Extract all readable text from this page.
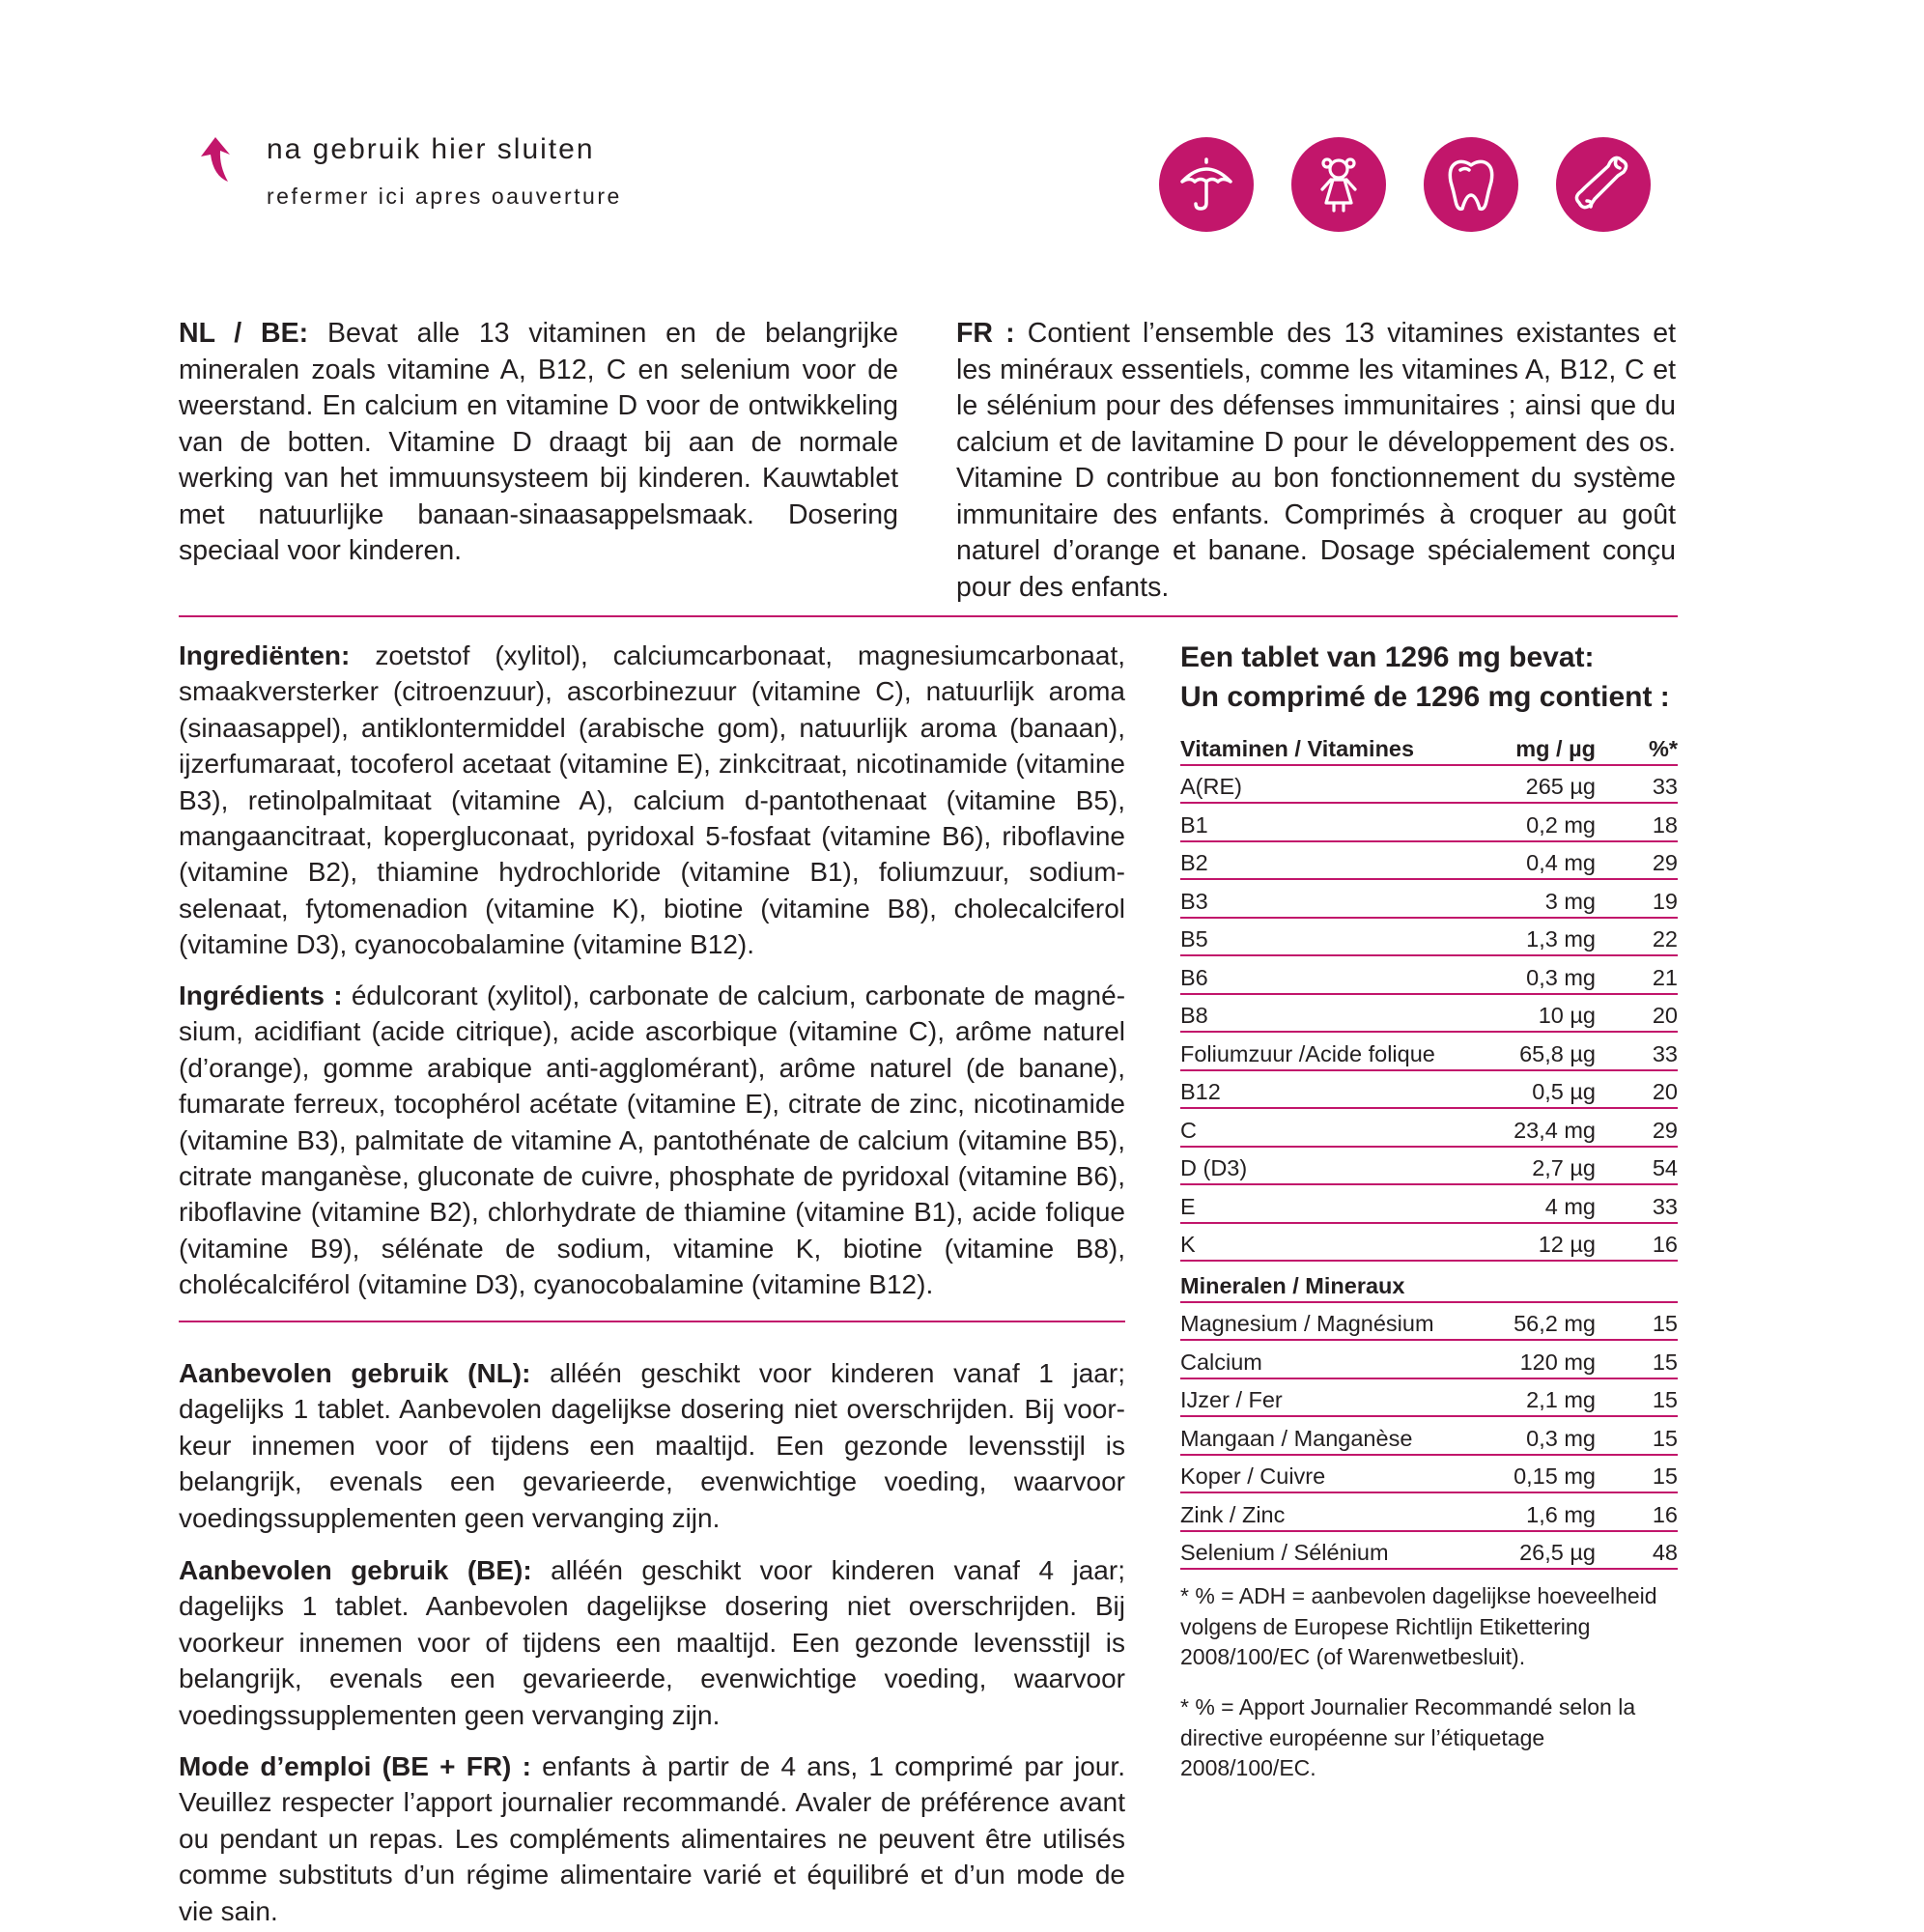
na gebruik hier sluiten
refermer ici apres oauverture
NL / BE: Bevat alle 13 vitaminen en de belangrijke mineralen zoals vitamine A, B12, C en selenium voor de weerstand. En calcium en vitamine D voor de ontwikkeling van de botten. Vitamine D draagt bij aan de normale werking van het immuunsysteem bij kinderen. Kauwtablet met natuurlijke banaan-sinaasappelsmaak. Dosering speciaal voor kinderen.
FR : Contient l’ensemble des 13 vitamines existantes et les minéraux essentiels, comme les vitamines A, B12, C et le sélénium pour des défenses immunitaires ; ainsi que du calcium et de lavitamine D pour le développement des os. Vitamine D contribue au bon fonctionnement du système immunitaire des enfants. Comprimés à croquer au goût naturel d’orange et banane. Dosage spécialement conçu pour des enfants.
Ingrediënten: zoetstof (xylitol), calciumcarbonaat, magnesiumcarbonaat, smaakversterker (citroenzuur), ascorbinezuur (vitamine C), natuurlijk aroma (sinaasappel), antiklontermiddel (arabische gom), natuurlijk aroma (banaan), ijzerfumaraat, tocoferol acetaat (vitamine E), zinkcitraat, nicotinamide (vitamine B3), retinolpalmitaat (vitamine A), calcium d-pantothenaat (vitamine B5), mangaancitraat, kopergluconaat, pyridoxal 5-fosfaat (vitamine B6), riboflavine (vitamine B2), thiamine hydrochloride (vitamine B1), foliumzuur, sodiumselenaat, fytomenadion (vitamine K), biotine (vitamine B8), cholecalciferol (vitamine D3), cyanocobalamine (vitamine B12).
Ingrédients : édulcorant (xylitol), carbonate de calcium, carbonate de magnésium, acidifiant (acide citrique), acide ascorbique (vitamine C), arôme naturel (d’orange), gomme arabique anti-agglomérant), arôme naturel (de banane), fumarate ferreux, tocophérol acétate (vitamine E), citrate de zinc, nicotinamide (vitamine B3), palmitate de vitamine A, pantothénate de calcium (vitamine B5), citrate manganèse, gluconate de cuivre, phosphate de pyridoxal (vitamine B6), riboflavine (vitamine B2), chlorhydrate de thiamine (vitamine B1), acide folique (vitamine B9), sélénate de sodium, vitamine K, biotine (vitamine B8), cholécalciférol (vitamine D3), cyanocobalamine (vitamine B12).
Aanbevolen gebruik (NL): alléén geschikt voor kinderen vanaf 1 jaar; dagelijks 1 tablet. Aanbevolen dagelijkse dosering niet overschrijden. Bij voorkeur innemen voor of tijdens een maaltijd. Een gezonde levensstijl is belangrijk, evenals een gevarieerde, evenwichtige voeding, waarvoor voedingssupplementen geen vervanging zijn.
Aanbevolen gebruik (BE): alléén geschikt voor kinderen vanaf 4 jaar; dagelijks 1 tablet. Aanbevolen dagelijkse dosering niet overschrijden. Bij voorkeur innemen voor of tijdens een maaltijd. Een gezonde levensstijl is belangrijk, evenals een gevarieerde, evenwichtige voeding, waarvoor voedingssupplementen geen vervanging zijn.
Mode d’emploi (BE + FR) : enfants à partir de 4 ans, 1 comprimé par jour. Veuillez respecter l’apport journalier recommandé. Avaler de préférence avant ou pendant un repas. Les compléments alimentaires ne peuvent être utilisés comme substituts d’un régime alimentaire varié et équilibré et d’un mode de vie sain.
Een tablet van 1296 mg bevat:
Un comprimé de 1296 mg contient :
Vitaminen / Vitamines	mg / µg	%*
A(RE)	265 µg	33
B1	0,2 mg	18
B2	0,4 mg	29
B3	3 mg	19
B5	1,3 mg	22
B6	0,3 mg	21
B8	10 µg	20
Foliumzuur /Acide folique	65,8 µg	33
B12	0,5 µg	20
C	23,4 mg	29
D (D3)	2,7 µg	54
E	4 mg	33
K	12 µg	16
Mineralen / Mineraux		
Magnesium / Magnésium	56,2 mg	15
Calcium	120 mg	15
IJzer / Fer	2,1 mg	15
Mangaan / Manganèse	0,3 mg	15
Koper / Cuivre	0,15 mg	15
Zink / Zinc	1,6 mg	16
Selenium / Sélénium	26,5 µg	48
* % = ADH = aanbevolen dagelijkse hoeveelheid volgens de Europese Richtlijn Etikettering 2008/100/EC (of Warenwetbesluit).
* % = Apport Journalier Recommandé selon la directive européenne sur l’étiquetage 2008/100/EC.
